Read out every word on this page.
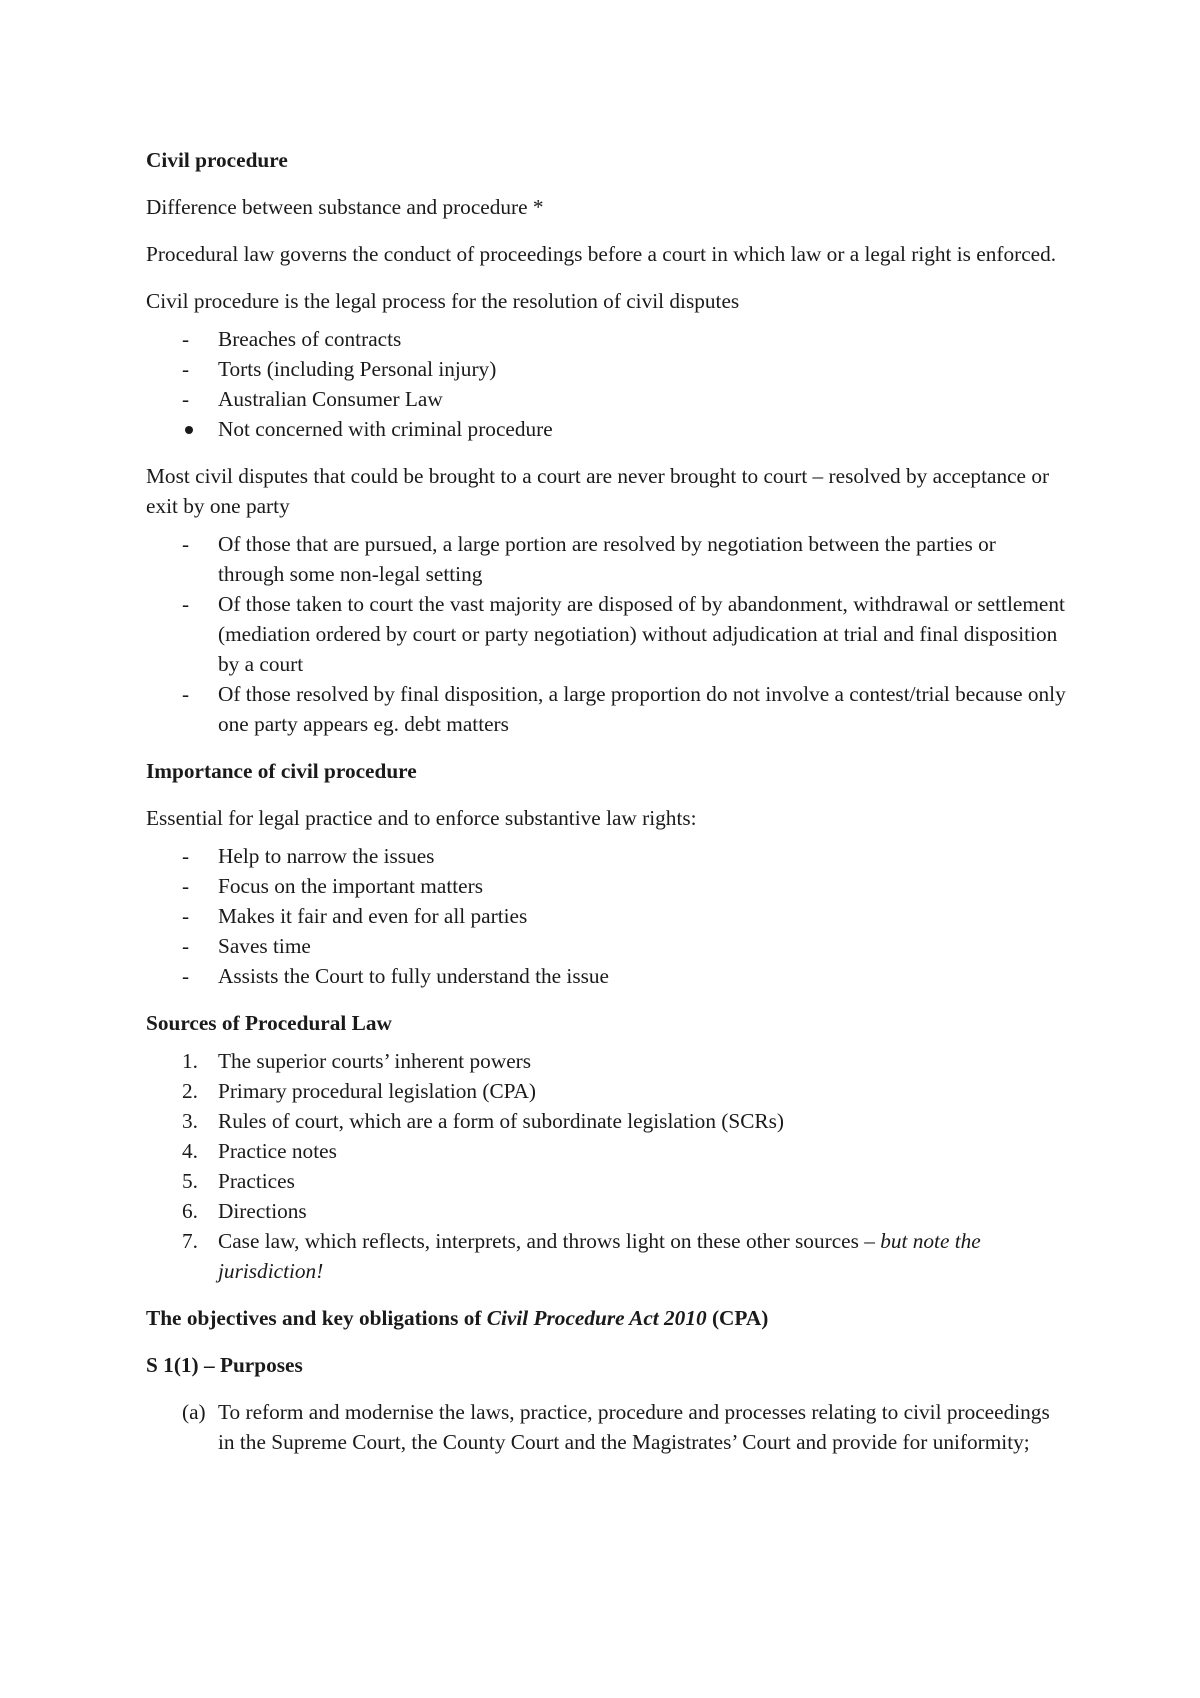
Civil procedure
Difference between substance and procedure *
Procedural law governs the conduct of proceedings before a court in which law or a legal right is enforced.
Civil procedure is the legal process for the resolution of civil disputes
- Breaches of contracts
- Torts (including Personal injury)
- Australian Consumer Law
Not concerned with criminal procedure
Most civil disputes that could be brought to a court are never brought to court – resolved by acceptance or exit by one party
- Of those that are pursued, a large portion are resolved by negotiation between the parties or through some non-legal setting
- Of those taken to court the vast majority are disposed of by abandonment, withdrawal or settlement (mediation ordered by court or party negotiation) without adjudication at trial and final disposition by a court
- Of those resolved by final disposition, a large proportion do not involve a contest/trial because only one party appears eg. debt matters
Importance of civil procedure
Essential for legal practice and to enforce substantive law rights:
- Help to narrow the issues
- Focus on the important matters
- Makes it fair and even for all parties
- Saves time
- Assists the Court to fully understand the issue
Sources of Procedural Law
1. The superior courts’ inherent powers
2. Primary procedural legislation (CPA)
3. Rules of court, which are a form of subordinate legislation (SCRs)
4. Practice notes
5. Practices
6. Directions
7. Case law, which reflects, interprets, and throws light on these other sources – but note the jurisdiction!
The objectives and key obligations of Civil Procedure Act 2010 (CPA)
S 1(1) – Purposes
(a) To reform and modernise the laws, practice, procedure and processes relating to civil proceedings in the Supreme Court, the County Court and the Magistrates’ Court and provide for uniformity;
